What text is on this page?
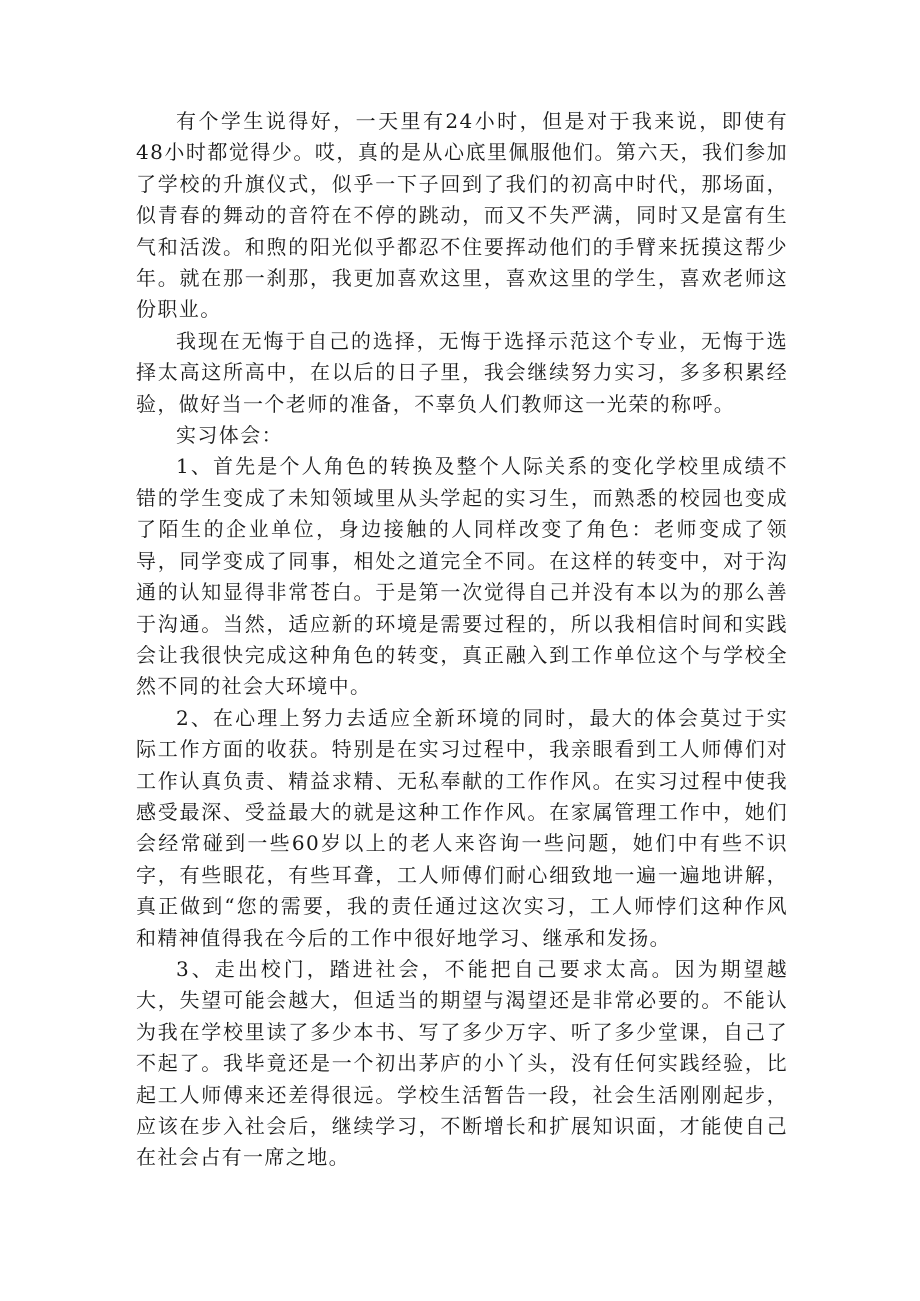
有个学生说得好，一天里有24小时，但是对于我来说，即使有48小时都觉得少。哎，真的是从心底里佩服他们。第六天，我们参加了学校的升旗仪式，似乎一下子回到了我们的初高中时代，那场面，似青春的舞动的音符在不停的跳动，而又不失严满，同时又是富有生气和活泼。和煦的阳光似乎都忍不住要挥动他们的手臂来抚摸这帮少年。就在那一刹那，我更加喜欢这里，喜欢这里的学生，喜欢老师这份职业。

我现在无悔于自己的选择，无悔于选择示范这个专业，无悔于选择太高这所高中，在以后的日子里，我会继续努力实习，多多积累经验，做好当一个老师的准备，不辜负人们教师这一光荣的称呼。

实习体会：

1、首先是个人角色的转换及整个人际关系的变化学校里成绩不错的学生变成了未知领域里从头学起的实习生，而熟悉的校园也变成了陌生的企业单位，身边接触的人同样改变了角色：老师变成了领导，同学变成了同事，相处之道完全不同。在这样的转变中，对于沟通的认知显得非常苍白。于是第一次觉得自己并没有本以为的那么善于沟通。当然，适应新的环境是需要过程的，所以我相信时间和实践会让我很快完成这种角色的转变，真正融入到工作单位这个与学校全然不同的社会大环境中。

2、在心理上努力去适应全新环境的同时，最大的体会莫过于实际工作方面的收获。特别是在实习过程中，我亲眼看到工人师傅们对工作认真负责、精益求精、无私奉献的工作作风。在实习过程中使我感受最深、受益最大的就是这种工作作风。在家属管理工作中，她们会经常碰到一些60岁以上的老人来咨询一些问题，她们中有些不识字，有些眼花，有些耳聋，工人师傅们耐心细致地一遍一遍地讲解，真正做到“您的需要，我的责任通过这次实习，工人师悖们这种作风和精神值得我在今后的工作中很好地学习、继承和发扬。

3、走出校门，踏进社会，不能把自己要求太高。因为期望越大，失望可能会越大，但适当的期望与渴望还是非常必要的。不能认为我在学校里读了多少本书、写了多少万字、听了多少堂课，自己了不起了。我毕竟还是一个初出茅庐的小丫头，没有任何实践经验，比起工人师傅来还差得很远。学校生活暂告一段，社会生活刚刚起步，应该在步入社会后，继续学习，不断增长和扩展知识面，才能使自己在社会占有一席之地。
